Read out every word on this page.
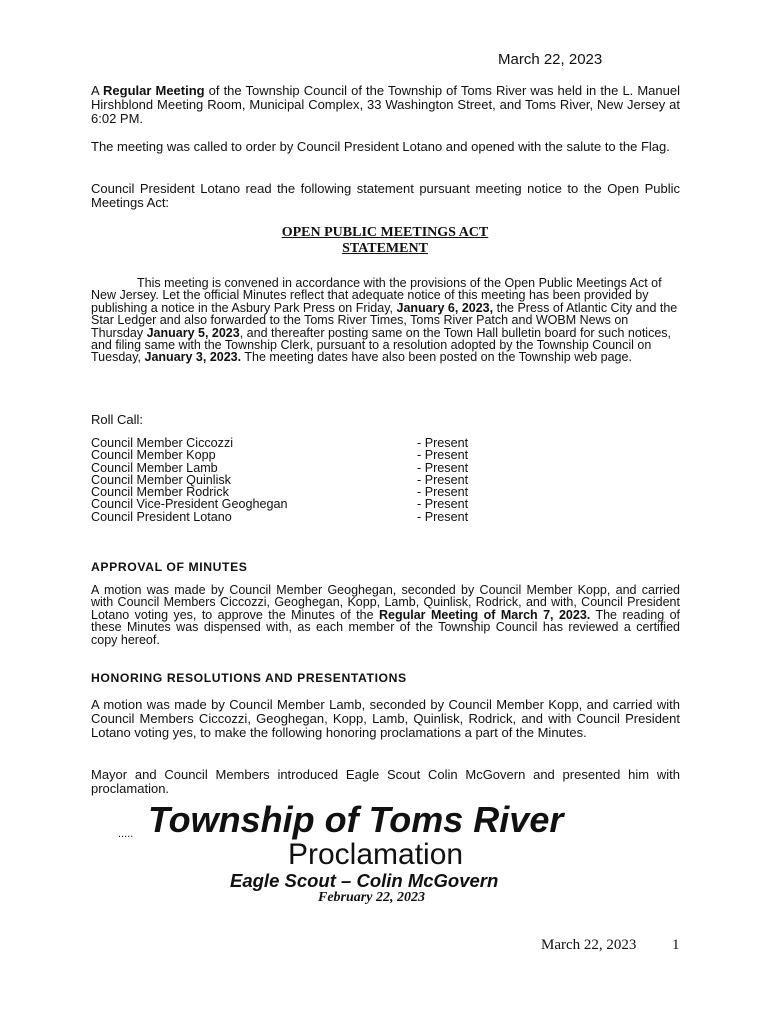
March 22, 2023

A Regular Meeting of the Township Council of the Township of Toms River was held in the L. Manuel Hirshblond Meeting Room, Municipal Complex, 33 Washington Street, and Toms River, New Jersey at 6:02 PM.

The meeting was called to order by Council President Lotano and opened with the salute to the Flag.

Council President Lotano read the following statement pursuant meeting notice to the Open Public Meetings Act:

OPEN PUBLIC MEETINGS ACT
STATEMENT

This meeting is convened in accordance with the provisions of the Open Public Meetings Act of New Jersey. Let the official Minutes reflect that adequate notice of this meeting has been provided by publishing a notice in the Asbury Park Press on Friday, January 6, 2023, the Press of Atlantic City and the Star Ledger and also forwarded to the Toms River Times, Toms River Patch and WOBM News on Thursday January 5, 2023, and thereafter posting same on the Town Hall bulletin board for such notices, and filing same with the Township Clerk, pursuant to a resolution adopted by the Township Council on Tuesday, January 3, 2023. The meeting dates have also been posted on the Township web page.

Roll Call:
Council Member Ciccozzi	- Present
Council Member Kopp	- Present
Council Member Lamb	- Present
Council Member Quinlisk	- Present
Council Member Rodrick	- Present
Council Vice-President Geoghegan	- Present
Council President Lotano	- Present
APPROVAL OF MINUTES

A motion was made by Council Member Geoghegan, seconded by Council Member Kopp, and carried with Council Members Ciccozzi, Geoghegan, Kopp, Lamb, Quinlisk, Rodrick, and with, Council President Lotano voting yes, to approve the Minutes of the Regular Meeting of March 7, 2023. The reading of these Minutes was dispensed with, as each member of the Township Council has reviewed a certified copy hereof.

HONORING RESOLUTIONS AND PRESENTATIONS

A motion was made by Council Member Lamb, seconded by Council Member Kopp, and carried with Council Members Ciccozzi, Geoghegan, Kopp, Lamb, Quinlisk, Rodrick, and with Council President Lotano voting yes, to make the following honoring proclamations a part of the Minutes.

Mayor and Council Members introduced Eagle Scout Colin McGovern and presented him with proclamation.

..... Township of Toms River
Proclamation
Eagle Scout – Colin McGovern
February 22, 2023
March 22, 2023 1
